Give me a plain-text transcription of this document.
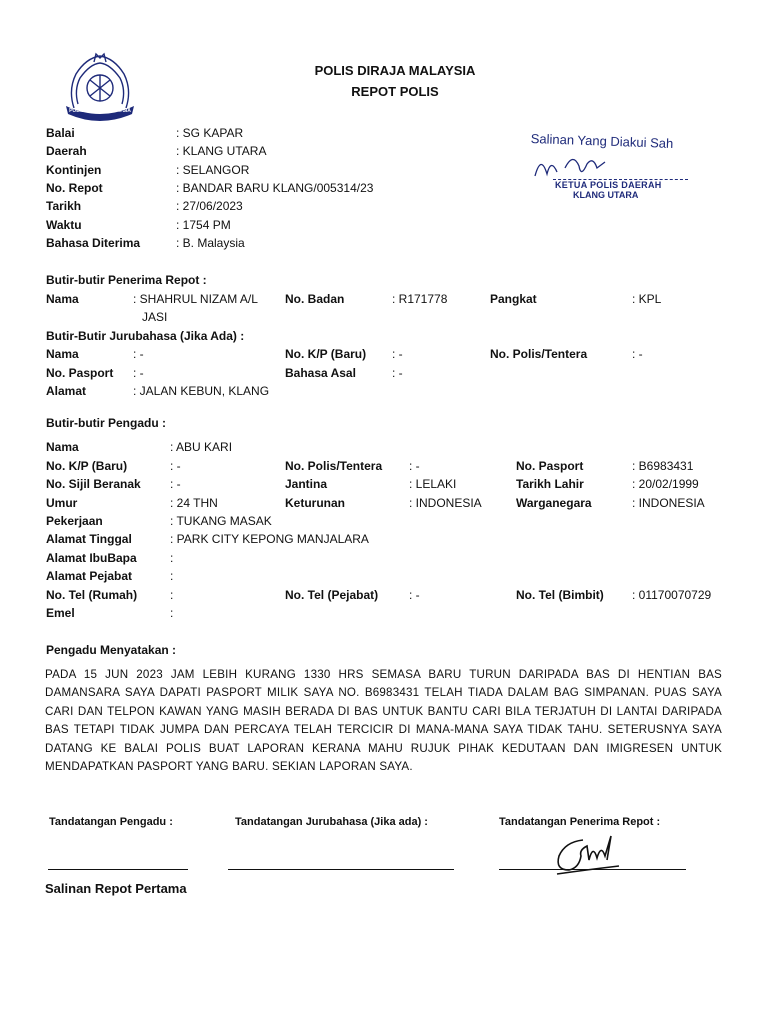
POLIS DIRAJA MALAYSIA
POLIS DIRAJA MALAYSIA
REPOT POLIS
Salinan Yang Diakui Sah
KETUA POLIS DAERAH
KLANG UTARA
Balai	: SG KAPAR
Daerah	: KLANG UTARA
Kontinjen	: SELANGOR
No. Repot	: BANDAR BARU KLANG/005314/23
Tarikh	: 27/06/2023
Waktu	: 1754 PM
Bahasa Diterima	: B. Malaysia
Butir-butir Penerima Repot :
Nama	: SHAHRUL NIZAM A/L
JASI
No. Badan	: R171778	Pangkat	: KPL
Butir-Butir Jurubahasa (Jika Ada) :
Nama	: -	No. K/P (Baru) : -	No. Polis/Tentera	: -
No. Pasport : -	Bahasa Asal	: -
Alamat	: JALAN KEBUN, KLANG
Butir-butir Pengadu :
Nama	: ABU KARI
No. K/P (Baru)	: -	No. Polis/Tentera : -	No. Pasport	: B6983431
No. Sijil Beranak : -	Jantina	: LELAKI	Tarikh Lahir	: 20/02/1999
Umur	: 24 THN	Keturunan	: INDONESIA	Warganegara	: INDONESIA
Pekerjaan	: TUKANG MASAK
Alamat Tinggal	: PARK CITY KEPONG MANJALARA
Alamat IbuBapa	:
Alamat Pejabat	:
No. Tel (Rumah)	:	No. Tel (Pejabat)	: -	No. Tel (Bimbit) : 01170070729
Emel	:
Pengadu Menyatakan :
PADA 15 JUN 2023 JAM LEBIH KURANG 1330 HRS SEMASA BARU TURUN DARIPADA BAS DI HENTIAN BAS DAMANSARA SAYA DAPATI PASPORT MILIK SAYA NO. B6983431 TELAH TIADA DALAM BAG SIMPANAN. PUAS SAYA CARI DAN TELPON KAWAN YANG MASIH BERADA DI BAS UNTUK BANTU CARI BILA TERJATUH DI LANTAI DARIPADA BAS TETAPI TIDAK JUMPA DAN PERCAYA TELAH TERCICIR DI MANA-MANA SAYA TIDAK TAHU. SETERUSNYA SAYA DATANG KE BALAI POLIS BUAT LAPORAN KERANA MAHU RUJUK PIHAK KEDUTAAN DAN IMIGRESEN UNTUK MENDAPATKAN PASPORT YANG BARU. SEKIAN LAPORAN SAYA.
Tandatangan Pengadu :	Tandatangan Jurubahasa (Jika ada) :	Tandatangan Penerima Repot :
Salinan Repot Pertama
